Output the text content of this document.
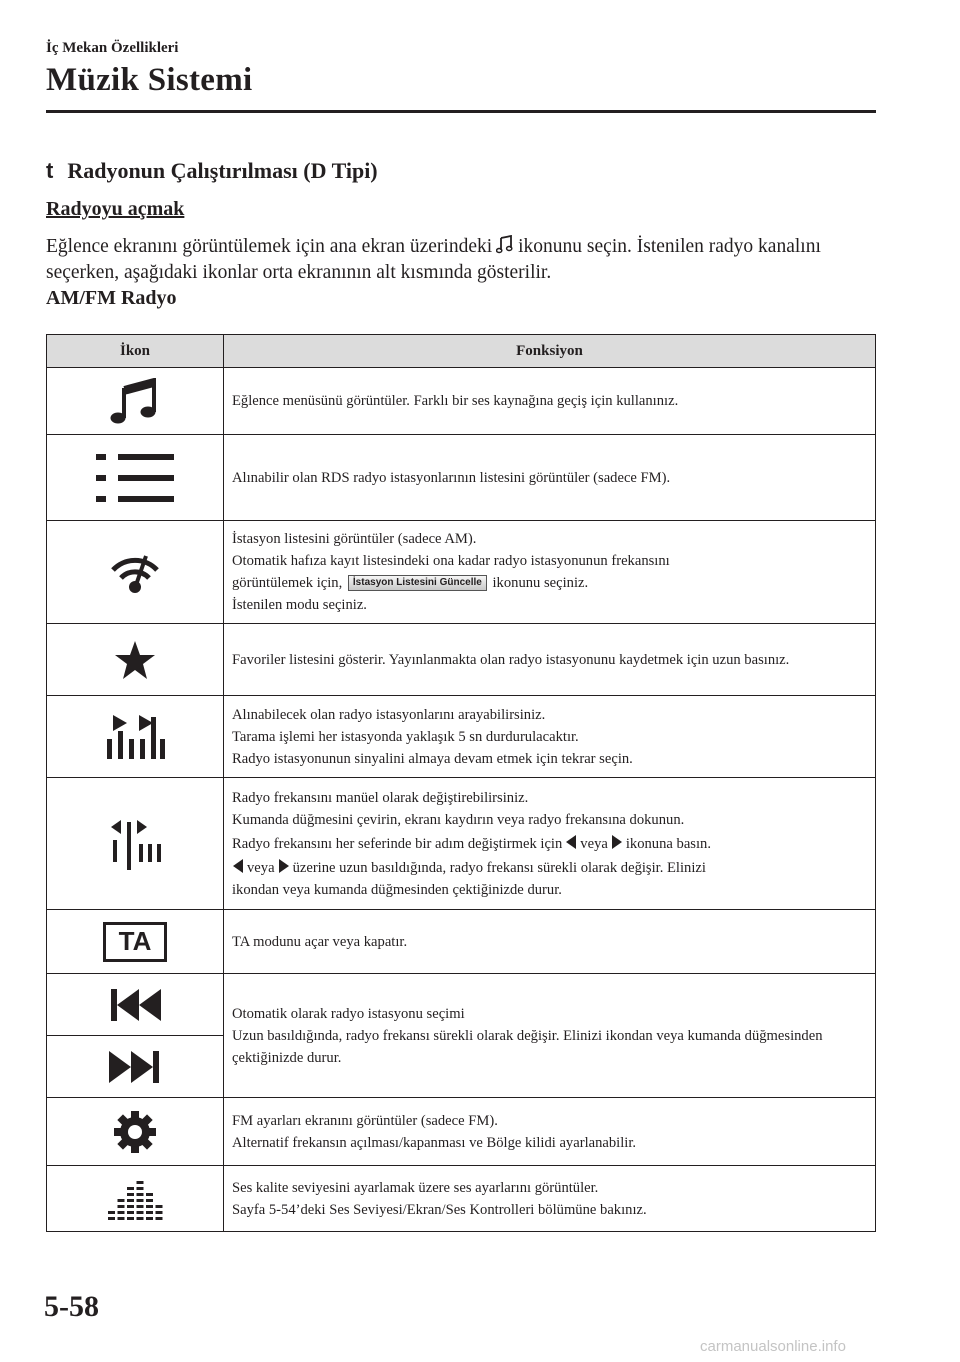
İç Mekan Özellikleri
Müzik Sistemi
t Radyonun Çalıştırılması (D Tipi)
Radyoyu açmak
Eğlence ekranını görüntülemek için ana ekran üzerindeki ikonunu seçin. İstenilen radyo kanalını seçerken, aşağıdaki ikonlar orta ekranının alt kısmında gösterilir.
AM/FM Radyo
İkon	Fonksiyon

Eğlence menüsünü görüntüler. Farklı bir ses kaynağına geçiş için kullanınız.

Alınabilir olan RDS radyo istasyonlarının listesini görüntüler (sadece FM).

İstasyon listesini görüntüler (sadece AM).
Otomatik hafıza kayıt listesindeki ona kadar radyo istasyonunun frekansını
görüntülemek için, İstasyon Listesini Güncelle ikonunu seçiniz.
İstenilen modu seçiniz.

Favoriler listesini gösterir. Yayınlanmakta olan radyo istasyonunu kaydetmek için uzun basınız.

Alınabilecek olan radyo istasyonlarını arayabilirsiniz.
Tarama işlemi her istasyonda yaklaşık 5 sn durdurulacaktır.
Radyo istasyonunun sinyalini almaya devam etmek için tekrar seçin.

Radyo frekansını manüel olarak değiştirebilirsiniz.
Kumanda düğmesini çevirin, ekranı kaydırın veya radyo frekansına dokunun.
Radyo frekansını her seferinde bir adım değiştirmek için veya ikonuna basın.
veya üzerine uzun basıldığında, radyo frekansı sürekli olarak değişir. Elinizi
ikondan veya kumanda düğmesinden çektiğinizde durur.

TA	TA modunu açar veya kapatır.

Otomatik olarak radyo istasyonu seçimi
Uzun basıldığında, radyo frekansı sürekli olarak değişir. Elinizi ikondan veya kumanda düğmesinden çektiğinizde durur.

FM ayarları ekranını görüntüler (sadece FM).
Alternatif frekansın açılması/kapanması ve Bölge kilidi ayarlanabilir.

Ses kalite seviyesini ayarlamak üzere ses ayarlarını görüntüler.
Sayfa 5-54’deki Ses Seviyesi/Ekran/Ses Kontrolleri bölümüne bakınız.
5-58
carmanualsonline.info
